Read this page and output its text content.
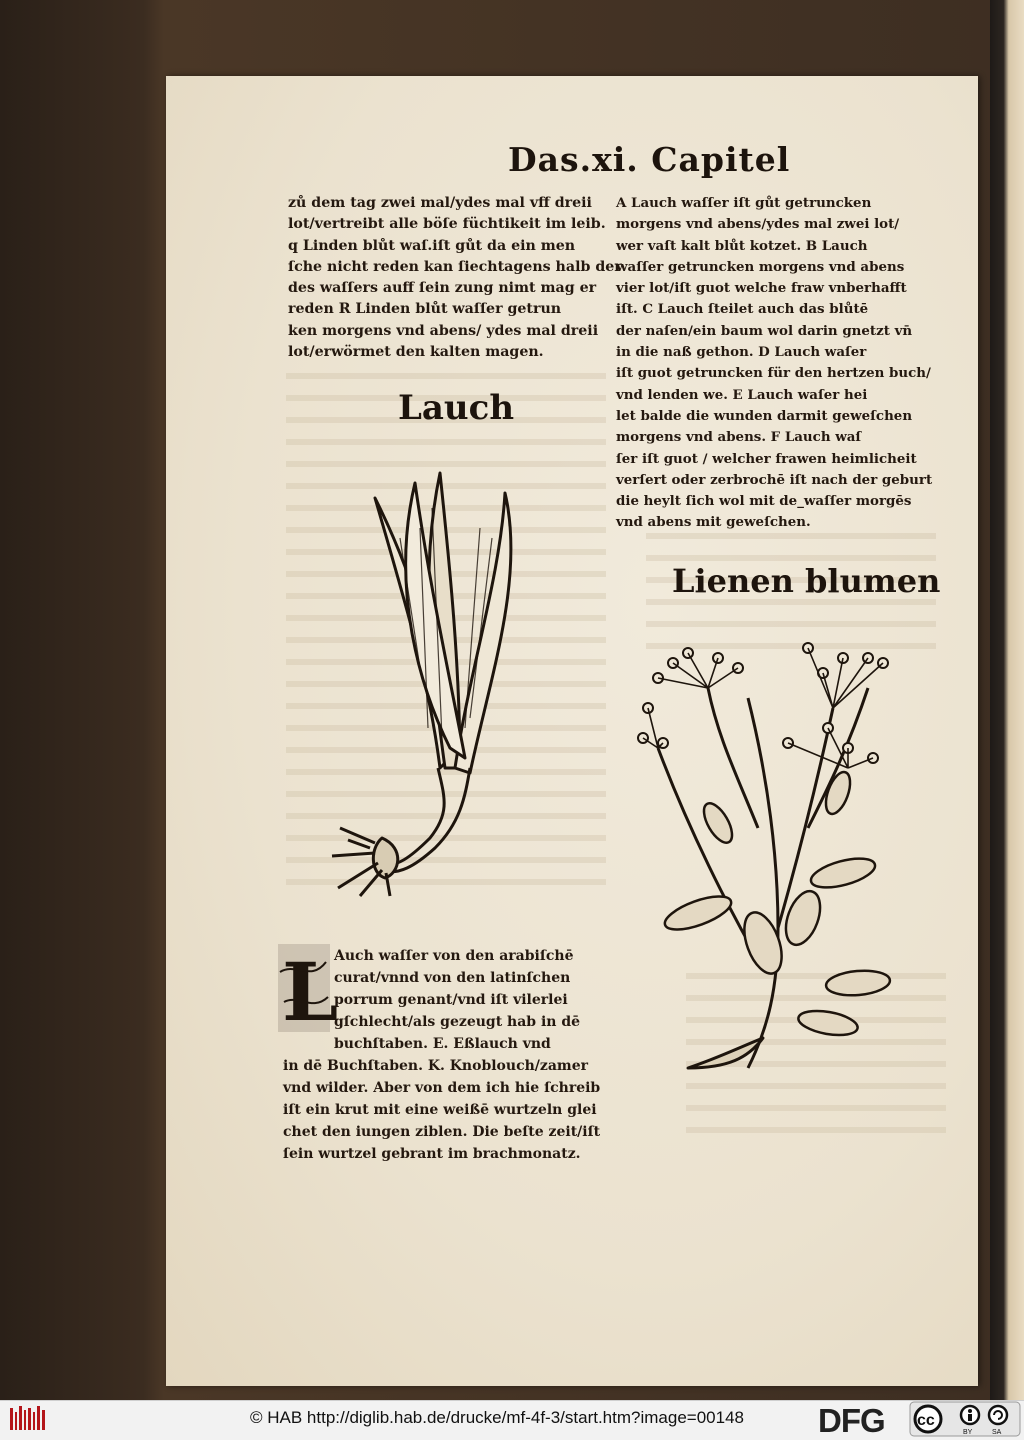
Das.xi. Capitel
zů dem tag zwei mal/ydes mal vff dreii
lot/vertreibt alle böſe füchtikeit im leib.
q Linden blůt waſ.iſt gůt da ein men
ſche nicht reden kan ſiechtagens halb der
des waſſers auff ſein zung nimt mag er
reden R Linden blůt waſſer getrun
ken morgens vnd abens/ ydes mal dreii
lot/erwörmet den kalten magen.
A Lauch waſſer iſt gůt getruncken
morgens vnd abens/ydes mal zwei lot/
wer vaſt kalt blůt kotzet. B Lauch
waſſer getruncken morgens vnd abens
vier lot/iſt guot welche fraw vnberhafft
iſt. C Lauch ſteilet auch das blůtē
der naſen/ein baum wol darin gnetzt vn̄
in die naß gethon. D Lauch waſer
iſt guot getruncken für den hertzen buch/
vnd lenden we. E Lauch waſer hei
let balde die wunden darmit geweſchen
morgens vnd abens. F Lauch waſ
ſer iſt guot / welcher frawen heimlicheit
verſert oder zerbrochē iſt nach der geburt
die heylt ſich wol mit de_waſſer morgēs
vnd abens mit geweſchen.
Lauch
Lienen blumen
L
Auch waſſer von den arabiſchē
curat/vnnd von den latinſchen
porrum genant/vnd iſt vilerlei
gſchlecht/als gezeugt hab in dē
buchſtaben. E. Eßlauch vnd
in dē Buchſtaben. K. Knoblouch/zamer
vnd wilder. Aber von dem ich hie ſchreib
iſt ein krut mit eine weißē wurtzeln glei
chet den iungen ziblen. Die beſte zeit/iſt
ſein wurtzel gebrant im brachmonatz.
© HAB http://diglib.hab.de/drucke/mf-4f-3/start.htm?image=00148 DFG cc
BY	SA
